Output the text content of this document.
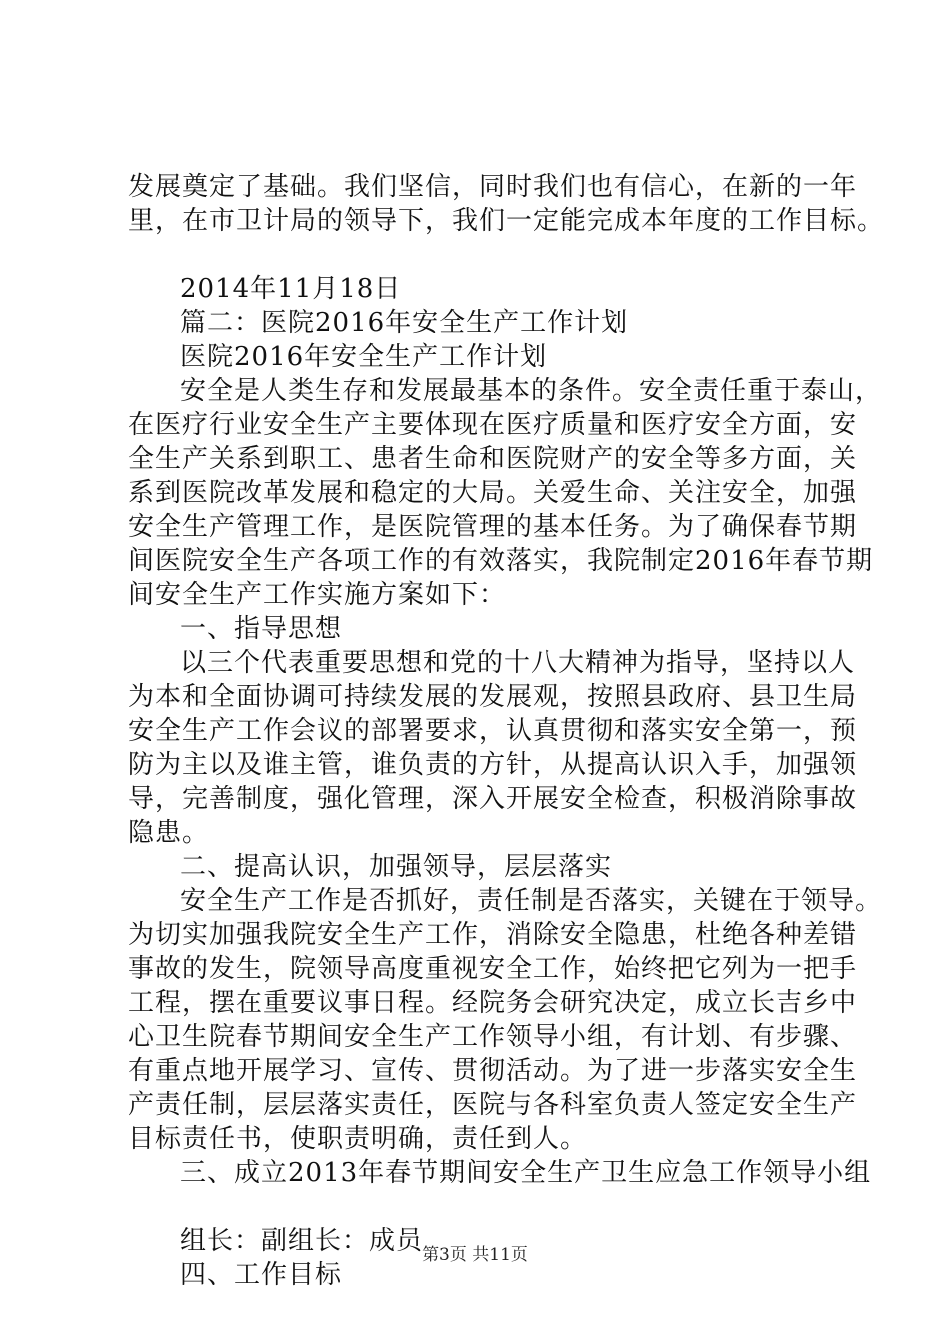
发展奠定了基础。我们坚信，同时我们也有信心，在新的一年
里，在市卫计局的领导下，我们一定能完成本年度的工作目标。
2014年11月18日
篇二：医院2016年安全生产工作计划
医院2016年安全生产工作计划
安全是人类生存和发展最基本的条件。安全责任重于泰山，
在医疗行业安全生产主要体现在医疗质量和医疗安全方面，安
全生产关系到职工、患者生命和医院财产的安全等多方面，关
系到医院改革发展和稳定的大局。关爱生命、关注安全，加强
安全生产管理工作，是医院管理的基本任务。为了确保春节期
间医院安全生产各项工作的有效落实，我院制定2016年春节期
间安全生产工作实施方案如下：
一、指导思想
以三个代表重要思想和党的十八大精神为指导，坚持以人
为本和全面协调可持续发展的发展观，按照县政府、县卫生局
安全生产工作会议的部署要求，认真贯彻和落实安全第一，预
防为主以及谁主管，谁负责的方针，从提高认识入手，加强领
导，完善制度，强化管理，深入开展安全检查，积极消除事故
隐患。
二、提高认识，加强领导，层层落实
安全生产工作是否抓好，责任制是否落实，关键在于领导。
为切实加强我院安全生产工作，消除安全隐患，杜绝各种差错
事故的发生，院领导高度重视安全工作，始终把它列为一把手
工程，摆在重要议事日程。经院务会研究决定，成立长吉乡中
心卫生院春节期间安全生产工作领导小组，有计划、有步骤、
有重点地开展学习、宣传、贯彻活动。为了进一步落实安全生
产责任制，层层落实责任，医院与各科室负责人签定安全生产
目标责任书，使职责明确，责任到人。
三、成立2013年春节期间安全生产卫生应急工作领导小组
组长：副组长：成员
四、工作目标
第3页 共11页
